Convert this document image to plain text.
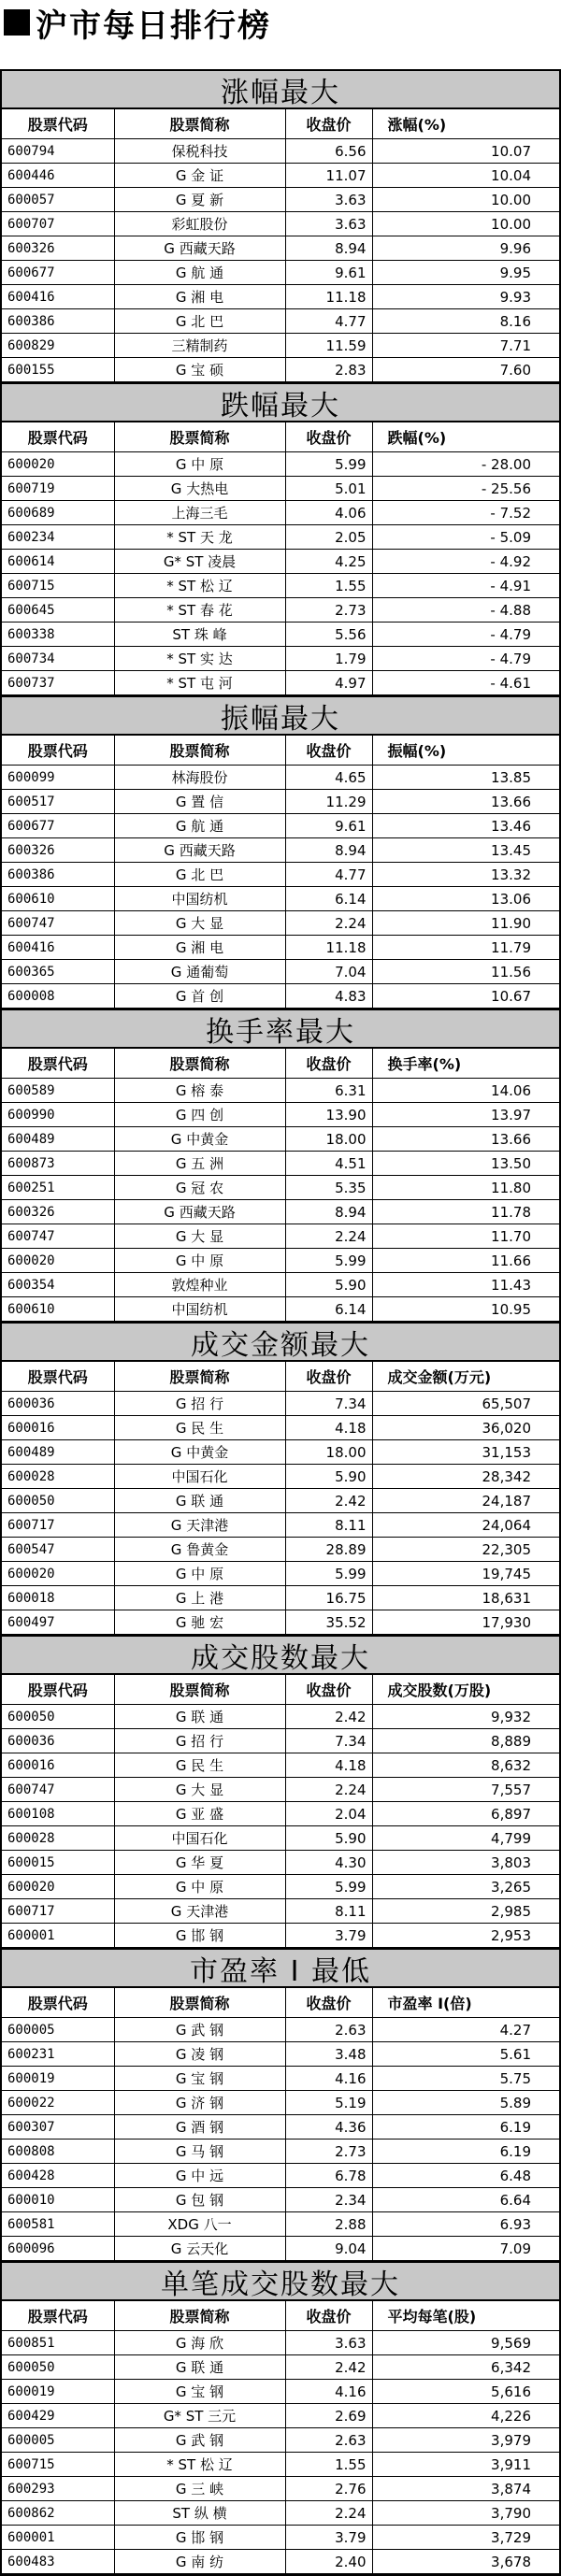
沪市每日排行榜
涨幅最大
股票代码	股票简称	收盘价	涨幅(%)
600794	保税科技	6.56	10.07
600446	G 金 证	11.07	10.04
600057	G 夏 新	3.63	10.00
600707	彩虹股份	3.63	10.00
600326	G 西藏天路	8.94	9.96
600677	G 航 通	9.61	9.95
600416	G 湘 电	11.18	9.93
600386	G 北 巴	4.77	8.16
600829	三精制药	11.59	7.71
600155	G 宝 硕	2.83	7.60
跌幅最大
股票代码	股票简称	收盘价	跌幅(%)
600020	G 中 原	5.99	- 28.00
600719	G 大热电	5.01	- 25.56
600689	上海三毛	4.06	- 7.52
600234	* ST 天 龙	2.05	- 5.09
600614	G* ST 凌晨	4.25	- 4.92
600715	* ST 松 辽	1.55	- 4.91
600645	* ST 春 花	2.73	- 4.88
600338	ST 珠 峰	5.56	- 4.79
600734	* ST 实 达	1.79	- 4.79
600737	* ST 屯 河	4.97	- 4.61
振幅最大
股票代码	股票简称	收盘价	振幅(%)
600099	林海股份	4.65	13.85
600517	G 置 信	11.29	13.66
600677	G 航 通	9.61	13.46
600326	G 西藏天路	8.94	13.45
600386	G 北 巴	4.77	13.32
600610	中国纺机	6.14	13.06
600747	G 大 显	2.24	11.90
600416	G 湘 电	11.18	11.79
600365	G 通葡萄	7.04	11.56
600008	G 首 创	4.83	10.67
换手率最大
股票代码	股票简称	收盘价	换手率(%)
600589	G 榕 泰	6.31	14.06
600990	G 四 创	13.90	13.97
600489	G 中黄金	18.00	13.66
600873	G 五 洲	4.51	13.50
600251	G 冠 农	5.35	11.80
600326	G 西藏天路	8.94	11.78
600747	G 大 显	2.24	11.70
600020	G 中 原	5.99	11.66
600354	敦煌种业	5.90	11.43
600610	中国纺机	6.14	10.95
成交金额最大
股票代码	股票简称	收盘价	成交金额(万元)
600036	G 招 行	7.34	65,507
600016	G 民 生	4.18	36,020
600489	G 中黄金	18.00	31,153
600028	中国石化	5.90	28,342
600050	G 联 通	2.42	24,187
600717	G 天津港	8.11	24,064
600547	G 鲁黄金	28.89	22,305
600020	G 中 原	5.99	19,745
600018	G 上 港	16.75	18,631
600497	G 驰 宏	35.52	17,930
成交股数最大
股票代码	股票简称	收盘价	成交股数(万股)
600050	G 联 通	2.42	9,932
600036	G 招 行	7.34	8,889
600016	G 民 生	4.18	8,632
600747	G 大 显	2.24	7,557
600108	G 亚 盛	2.04	6,897
600028	中国石化	5.90	4,799
600015	G 华 夏	4.30	3,803
600020	G 中 原	5.99	3,265
600717	G 天津港	8.11	2,985
600001	G 邯 钢	3.79	2,953
市盈率 I 最低
股票代码	股票简称	收盘价	市盈率 I(倍)
600005	G 武 钢	2.63	4.27
600231	G 凌 钢	3.48	5.61
600019	G 宝 钢	4.16	5.75
600022	G 济 钢	5.19	5.89
600307	G 酒 钢	4.36	6.19
600808	G 马 钢	2.73	6.19
600428	G 中 远	6.78	6.48
600010	G 包 钢	2.34	6.64
600581	XDG 八一	2.88	6.93
600096	G 云天化	9.04	7.09
单笔成交股数最大
股票代码	股票简称	收盘价	平均每笔(股)
600851	G 海 欣	3.63	9,569
600050	G 联 通	2.42	6,342
600019	G 宝 钢	4.16	5,616
600429	G* ST 三元	2.69	4,226
600005	G 武 钢	2.63	3,979
600715	* ST 松 辽	1.55	3,911
600293	G 三 峡	2.76	3,874
600862	ST 纵 横	2.24	3,790
600001	G 邯 钢	3.79	3,729
600483	G 南 纺	2.40	3,678
